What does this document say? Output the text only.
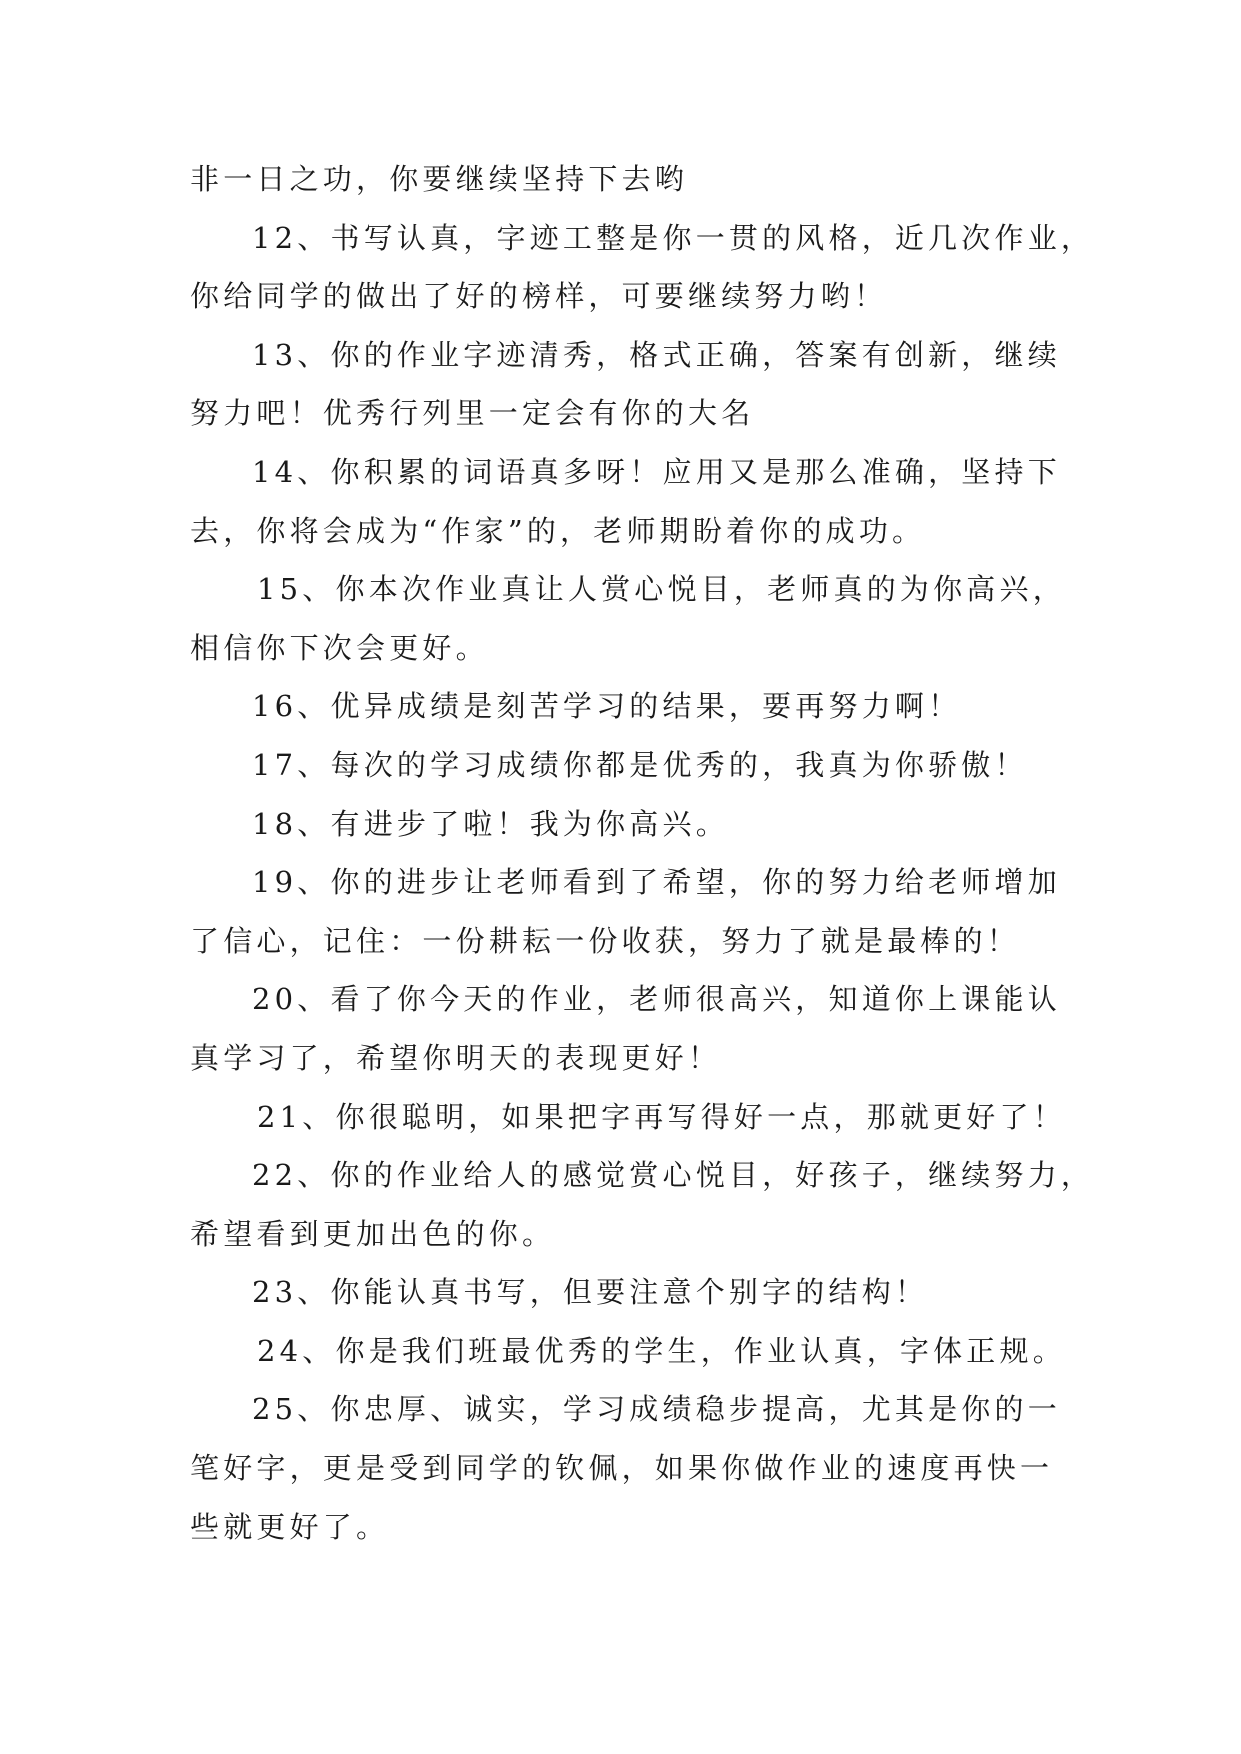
非一日之功，你要继续坚持下去哟
12、书写认真，字迹工整是你一贯的风格，近几次作业，
你给同学的做出了好的榜样，可要继续努力哟！
13、你的作业字迹清秀，格式正确，答案有创新，继续
努力吧！优秀行列里一定会有你的大名
14、你积累的词语真多呀！应用又是那么准确，坚持下
去，你将会成为“作家”的，老师期盼着你的成功。
15、你本次作业真让人赏心悦目，老师真的为你高兴，
相信你下次会更好。
16、优异成绩是刻苦学习的结果，要再努力啊！
17、每次的学习成绩你都是优秀的，我真为你骄傲！
18、有进步了啦！我为你高兴。
19、你的进步让老师看到了希望，你的努力给老师增加
了信心，记住：一份耕耘一份收获，努力了就是最棒的！
20、看了你今天的作业，老师很高兴，知道你上课能认
真学习了，希望你明天的表现更好！
21、你很聪明，如果把字再写得好一点，那就更好了！
22、你的作业给人的感觉赏心悦目，好孩子，继续努力，
希望看到更加出色的你。
23、你能认真书写，但要注意个别字的结构！
24、你是我们班最优秀的学生，作业认真，字体正规。
25、你忠厚、诚实，学习成绩稳步提高，尤其是你的一
笔好字，更是受到同学的钦佩，如果你做作业的速度再快一
些就更好了。
